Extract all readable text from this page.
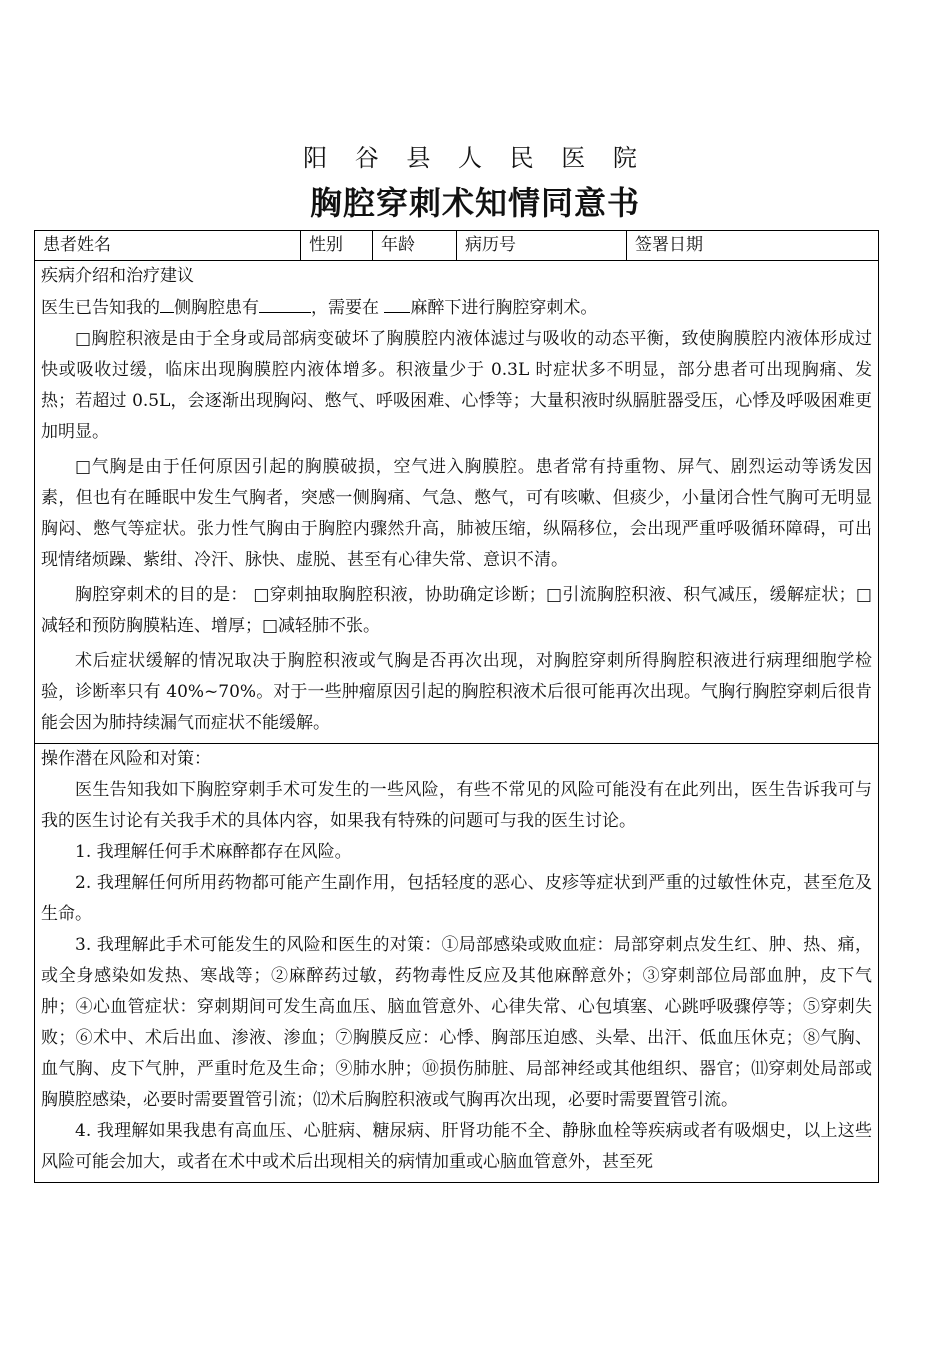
阳 谷 县 人 民 医 院
胸腔穿刺术知情同意书
患者姓名	性别	年龄	病历号	签署日期

疾病介绍和治疗建议

医生已告知我的 侧胸腔患有	，需要在 麻醉下进行胸腔穿刺术。

□胸腔积液是由于全身或局部病变破坏了胸膜腔内液体滤过与吸收的动态平衡，致使胸膜腔内液体形成过快或吸收过缓，临床出现胸膜腔内液体增多。积液量少于 0.3L 时症状多不明显，部分患者可出现胸痛、发热；若超过 0.5L，会逐渐出现胸闷、憋气、呼吸困难、心悸等；大量积液时纵膈脏器受压，心悸及呼吸困难更加明显。

□气胸是由于任何原因引起的胸膜破损，空气进入胸膜腔。患者常有持重物、屏气、剧烈运动等诱发因素，但也有在睡眠中发生气胸者，突感一侧胸痛、气急、憋气，可有咳嗽、但痰少，小量闭合性气胸可无明显胸闷、憋气等症状。张力性气胸由于胸腔内骤然升高，肺被压缩，纵隔移位，会出现严重呼吸循环障碍，可出现情绪烦躁、紫绀、冷汗、脉快、虚脱、甚至有心律失常、意识不清。

胸腔穿刺术的目的是： □穿刺抽取胸腔积液，协助确定诊断；□引流胸腔积液、积气减压，缓解症状；□减轻和预防胸膜粘连、增厚；□减轻肺不张。

术后症状缓解的情况取决于胸腔积液或气胸是否再次出现，对胸腔穿刺所得胸腔积液进行病理细胞学检验，诊断率只有 40%~70%。对于一些肿瘤原因引起的胸腔积液术后很可能再次出现。气胸行胸腔穿刺后很肯能会因为肺持续漏气而症状不能缓解。

操作潜在风险和对策：

医生告知我如下胸腔穿刺手术可发生的一些风险，有些不常见的风险可能没有在此列出，医生告诉我可与我的医生讨论有关我手术的具体内容，如果我有特殊的问题可与我的医生讨论。

1. 我理解任何手术麻醉都存在风险。

2. 我理解任何所用药物都可能产生副作用，包括轻度的恶心、皮疹等症状到严重的过敏性休克，甚至危及生命。

3. 我理解此手术可能发生的风险和医生的对策：①局部感染或败血症：局部穿刺点发生红、肿、热、痛，或全身感染如发热、寒战等；②麻醉药过敏，药物毒性反应及其他麻醉意外；③穿刺部位局部血肿，皮下气肿；④心血管症状：穿刺期间可发生高血压、脑血管意外、心律失常、心包填塞、心跳呼吸骤停等；⑤穿刺失败；⑥术中、术后出血、渗液、渗血；⑦胸膜反应：心悸、胸部压迫感、头晕、出汗、低血压休克；⑧气胸、血气胸、皮下气肿，严重时危及生命；⑨肺水肿；⑩损伤肺脏、局部神经或其他组织、器官；⑾穿刺处局部或胸膜腔感染，必要时需要置管引流；⑿术后胸腔积液或气胸再次出现，必要时需要置管引流。

4. 我理解如果我患有高血压、心脏病、糖尿病、肝肾功能不全、静脉血栓等疾病或者有吸烟史，以上这些风险可能会加大，或者在术中或术后出现相关的病情加重或心脑血管意外，甚至死
